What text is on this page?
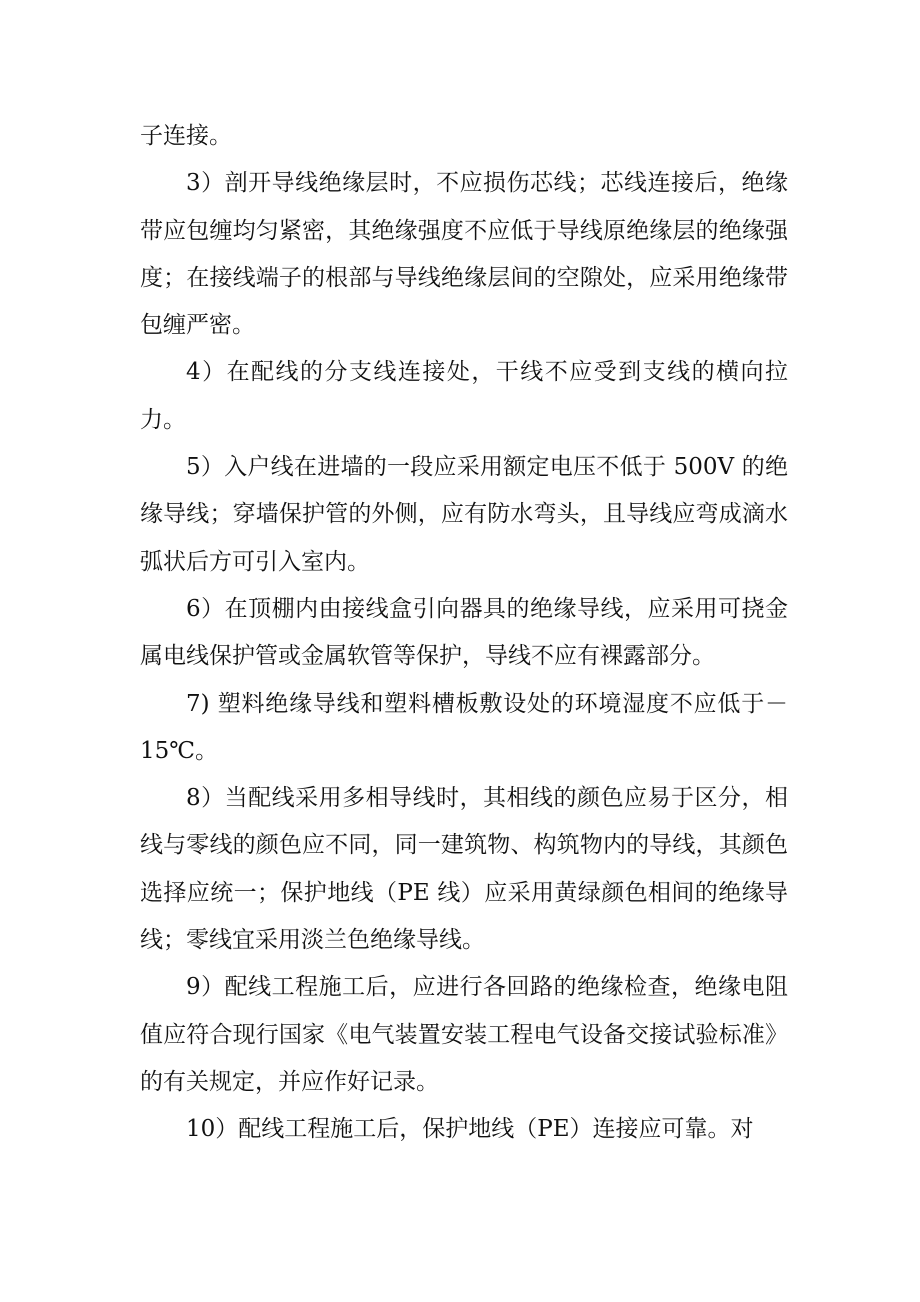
子连接。

3）剖开导线绝缘层时，不应损伤芯线；芯线连接后，绝缘带应包缠均匀紧密，其绝缘强度不应低于导线原绝缘层的绝缘强度；在接线端子的根部与导线绝缘层间的空隙处，应采用绝缘带包缠严密。

4）在配线的分支线连接处，干线不应受到支线的横向拉力。

5）入户线在进墙的一段应采用额定电压不低于 500V 的绝缘导线；穿墙保护管的外侧，应有防水弯头，且导线应弯成滴水弧状后方可引入室内。

6）在顶棚内由接线盒引向器具的绝缘导线，应采用可挠金属电线保护管或金属软管等保护，导线不应有裸露部分。

7) 塑料绝缘导线和塑料槽板敷设处的环境湿度不应低于－15℃。

8）当配线采用多相导线时，其相线的颜色应易于区分，相线与零线的颜色应不同，同一建筑物、构筑物内的导线，其颜色选择应统一；保护地线（PE 线）应采用黄绿颜色相间的绝缘导线；零线宜采用淡兰色绝缘导线。

9）配线工程施工后，应进行各回路的绝缘检查，绝缘电阻值应符合现行国家《电气装置安装工程电气设备交接试验标准》的有关规定，并应作好记录。

10）配线工程施工后，保护地线（PE）连接应可靠。对
